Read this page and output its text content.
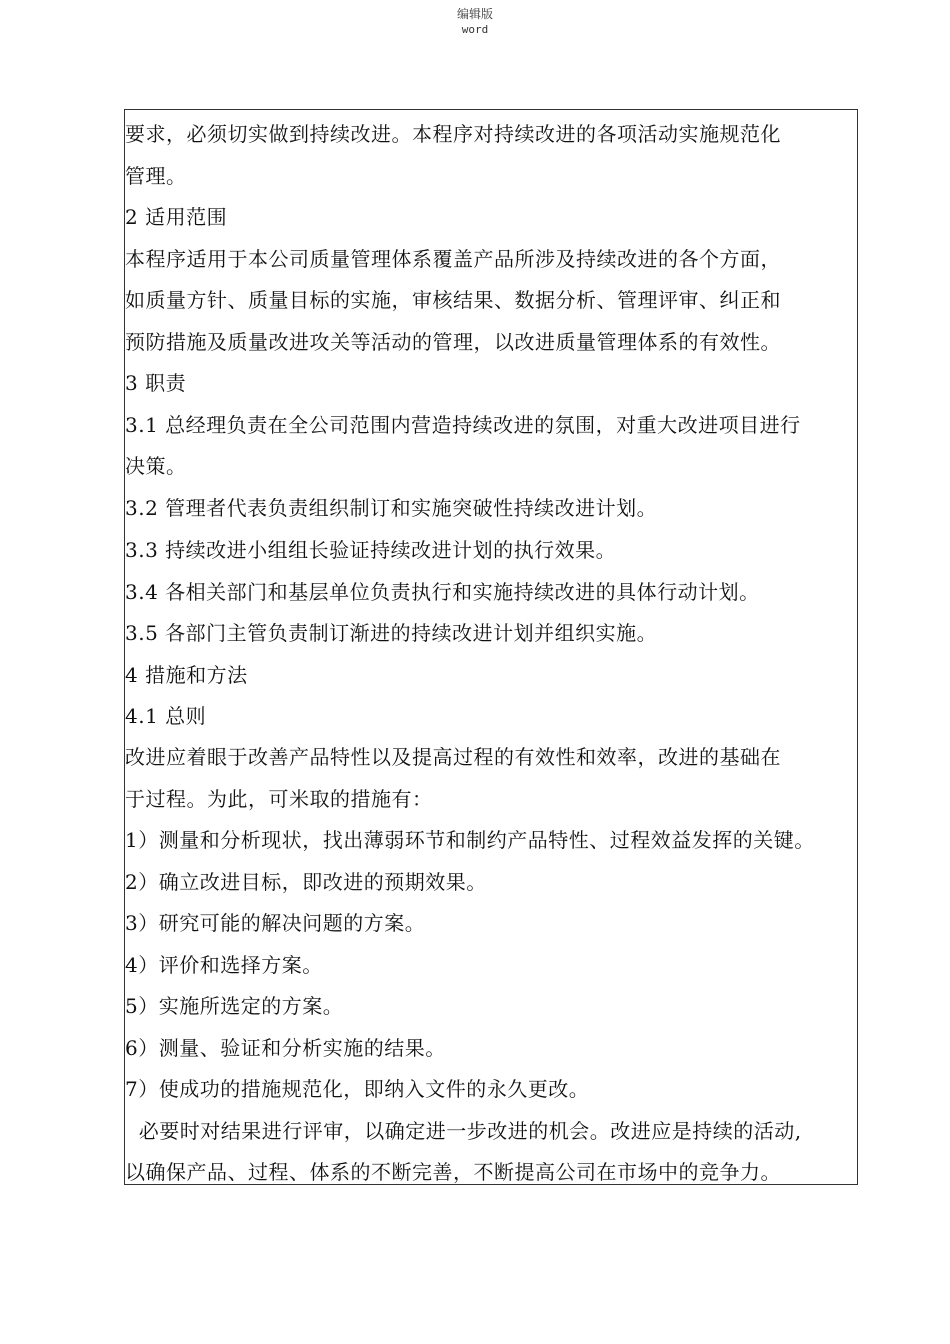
编辑版
word
要求，必须切实做到持续改进。本程序对持续改进的各项活动实施规范化
管理。
2 适用范围
本程序适用于本公司质量管理体系覆盖产品所涉及持续改进的各个方面，
如质量方针、质量目标的实施，审核结果、数据分析、管理评审、纠正和
预防措施及质量改进攻关等活动的管理，以改进质量管理体系的有效性。
3 职责
3.1 总经理负责在全公司范围内营造持续改进的氛围，对重大改进项目进行
决策。
3.2 管理者代表负责组织制订和实施突破性持续改进计划。
3.3 持续改进小组组长验证持续改进计划的执行效果。
3.4 各相关部门和基层单位负责执行和实施持续改进的具体行动计划。
3.5 各部门主管负责制订渐进的持续改进计划并组织实施。
4 措施和方法
4.1 总则
改进应着眼于改善产品特性以及提高过程的有效性和效率，改进的基础在
于过程。为此，可米取的措施有：
1）测量和分析现状，找出薄弱环节和制约产品特性、过程效益发挥的关键。
2）确立改进目标，即改进的预期效果。
3）研究可能的解决问题的方案。
4）评价和选择方案。
5）实施所选定的方案。
6）测量、验证和分析实施的结果。
7）使成功的措施规范化，即纳入文件的永久更改。
必要时对结果进行评审，以确定进一步改进的机会。改进应是持续的活动,
以确保产品、过程、体系的不断完善，不断提高公司在市场中的竞争力。
